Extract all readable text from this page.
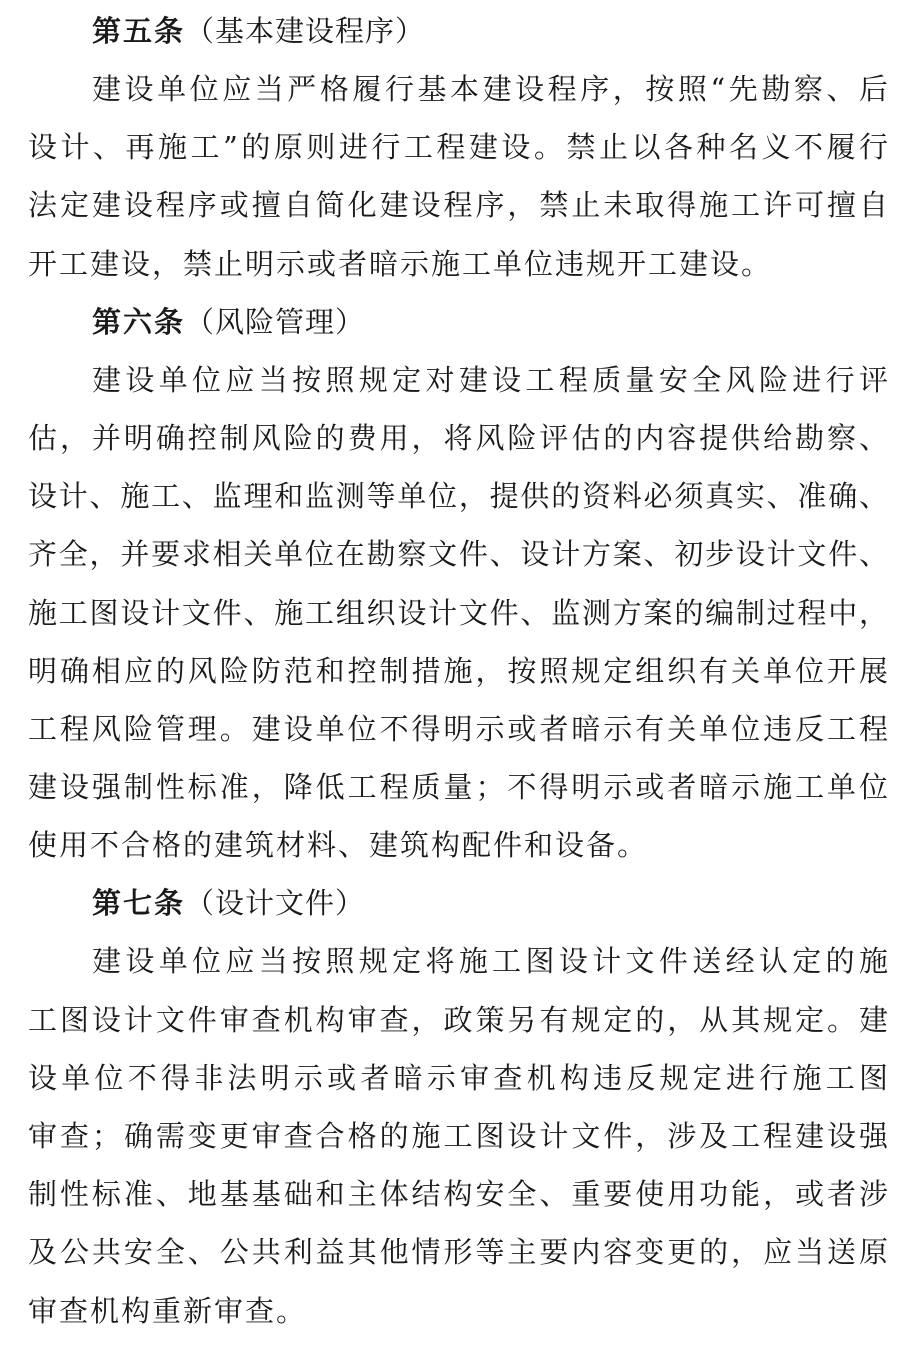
第五条（基本建设程序）
建设单位应当严格履行基本建设程序，按照“先勘察、后
设计、再施工”的原则进行工程建设。禁止以各种名义不履行
法定建设程序或擅自简化建设程序，禁止未取得施工许可擅自
开工建设，禁止明示或者暗示施工单位违规开工建设。
第六条（风险管理）
建设单位应当按照规定对建设工程质量安全风险进行评
估，并明确控制风险的费用，将风险评估的内容提供给勘察、
设计、施工、监理和监测等单位，提供的资料必须真实、准确、
齐全，并要求相关单位在勘察文件、设计方案、初步设计文件、
施工图设计文件、施工组织设计文件、监测方案的编制过程中，
明确相应的风险防范和控制措施，按照规定组织有关单位开展
工程风险管理。建设单位不得明示或者暗示有关单位违反工程
建设强制性标准，降低工程质量；不得明示或者暗示施工单位
使用不合格的建筑材料、建筑构配件和设备。
第七条（设计文件）
建设单位应当按照规定将施工图设计文件送经认定的施
工图设计文件审查机构审查，政策另有规定的，从其规定。建
设单位不得非法明示或者暗示审查机构违反规定进行施工图
审查；确需变更审查合格的施工图设计文件，涉及工程建设强
制性标准、地基基础和主体结构安全、重要使用功能，或者涉
及公共安全、公共利益其他情形等主要内容变更的，应当送原
审查机构重新审查。
